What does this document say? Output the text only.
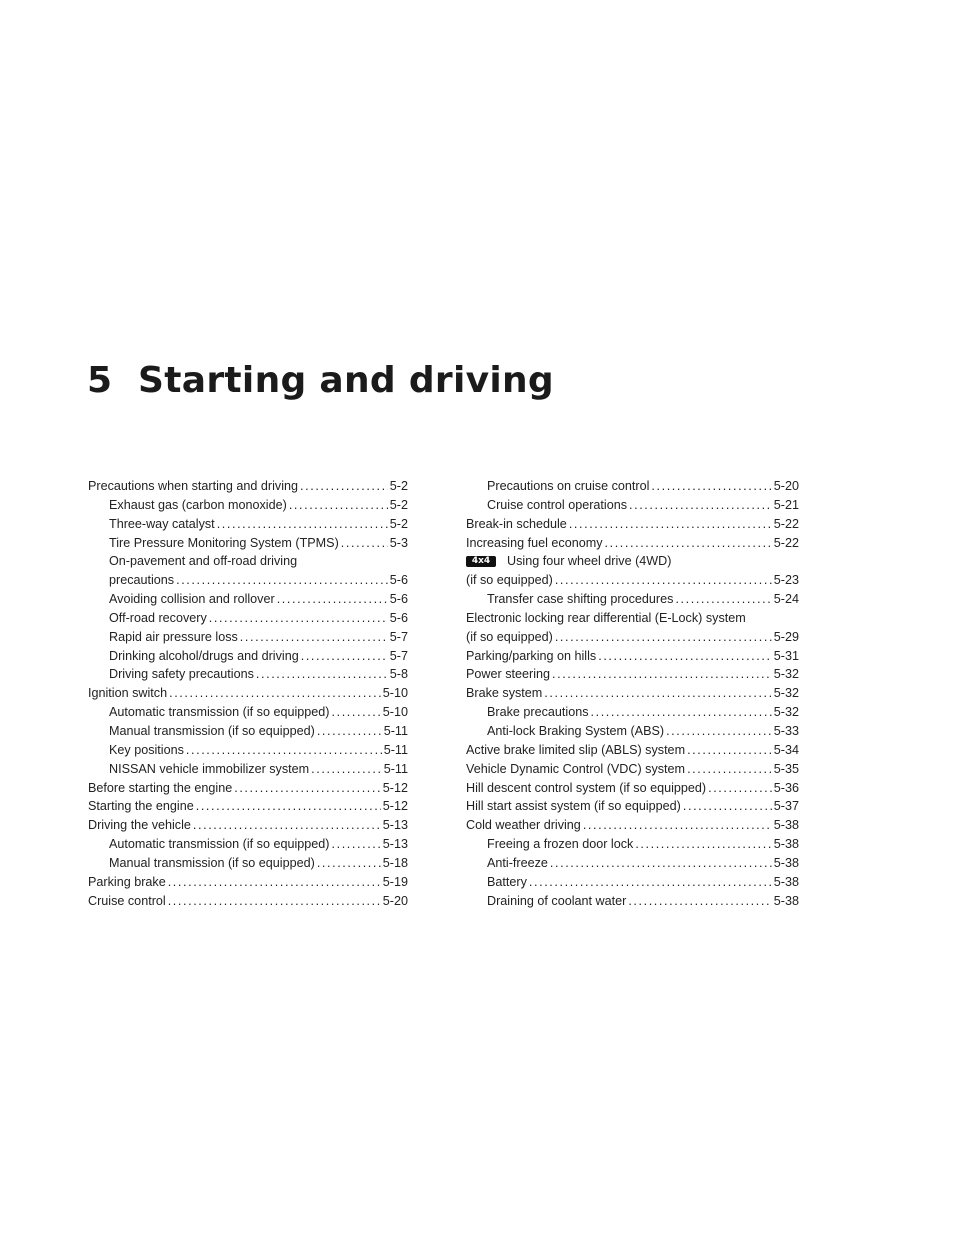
5 Starting and driving
Precautions when starting and driving .....	5-2
Exhaust gas (carbon monoxide) .....	5-2
Three-way catalyst .....	5-2
Tire Pressure Monitoring System (TPMS) .....	5-3
On-pavement and off-road driving
precautions .....	5-6
Avoiding collision and rollover .....	5-6
Off-road recovery .....	5-6
Rapid air pressure loss .....	5-7
Drinking alcohol/drugs and driving .....	5-7
Driving safety precautions .....	5-8
Ignition switch .....	5-10
Automatic transmission (if so equipped) .....	5-10
Manual transmission (if so equipped) .....	5-11
Key positions .....	5-11
NISSAN vehicle immobilizer system .....	5-11
Before starting the engine .....	5-12
Starting the engine .....	5-12
Driving the vehicle .....	5-13
Automatic transmission (if so equipped) .....	5-13
Manual transmission (if so equipped) .....	5-18
Parking brake .....	5-19
Cruise control .....	5-20
Precautions on cruise control .....	5-20
Cruise control operations .....	5-21
Break-in schedule .....	5-22
Increasing fuel economy .....	5-22
4x4 Using four wheel drive (4WD)
(if so equipped) .....	5-23
Transfer case shifting procedures .....	5-24
Electronic locking rear differential (E-Lock) system
(if so equipped) .....	5-29
Parking/parking on hills .....	5-31
Power steering .....	5-32
Brake system .....	5-32
Brake precautions .....	5-32
Anti-lock Braking System (ABS) .....	5-33
Active brake limited slip (ABLS) system .....	5-34
Vehicle Dynamic Control (VDC) system .....	5-35
Hill descent control system (if so equipped) .....	5-36
Hill start assist system (if so equipped) .....	5-37
Cold weather driving .....	5-38
Freeing a frozen door lock .....	5-38
Anti-freeze .....	5-38
Battery .....	5-38
Draining of coolant water .....	5-38
